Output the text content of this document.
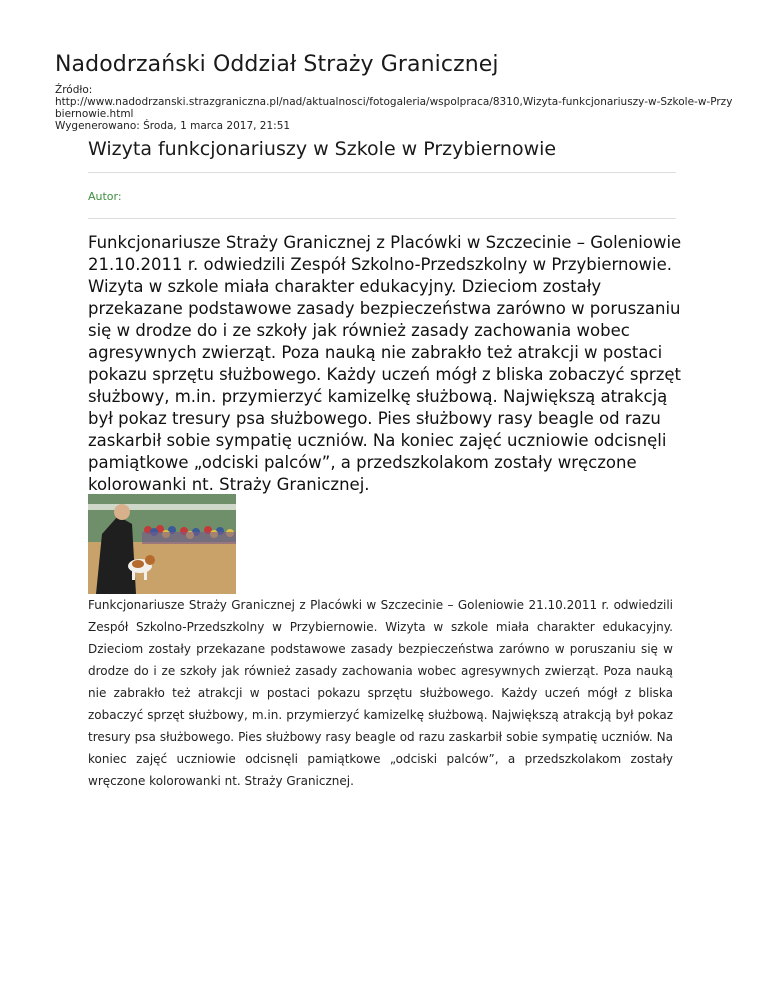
Nadodrzański Oddział Straży Granicznej
Źródło:
http://www.nadodrzanski.strazgraniczna.pl/nad/aktualnosci/fotogaleria/wspolpraca/8310,Wizyta-funkcjonariuszy-w-Szkole-w-Przybiernowie.html
Wygenerowano: Środa, 1 marca 2017, 21:51
Wizyta funkcjonariuszy w Szkole w Przybiernowie
Autor:

Funkcjonariusze Straży Granicznej z Placówki w Szczecinie – Goleniowie 21.10.2011 r. odwiedzili Zespół Szkolno-Przedszkolny w Przybiernowie. Wizyta w szkole miała charakter edukacyjny. Dzieciom zostały przekazane podstawowe zasady bezpieczeństwa zarówno w poruszaniu się w drodze do i ze szkoły jak również zasady zachowania wobec agresywnych zwierząt. Poza nauką nie zabrakło też atrakcji w postaci pokazu sprzętu służbowego. Każdy uczeń mógł z bliska zobaczyć sprzęt służbowy, m.in. przymierzyć kamizelkę służbową. Największą atrakcją był pokaz tresury psa służbowego. Pies służbowy rasy beagle od razu zaskarbił sobie sympatię uczniów. Na koniec zajęć uczniowie odcisnęli pamiątkowe „odciski palców”, a przedszkolakom zostały wręczone kolorowanki nt. Straży Granicznej.

Funkcjonariusze Straży Granicznej z Placówki w Szczecinie – Goleniowie 21.10.2011 r. odwiedzili Zespół Szkolno-Przedszkolny w Przybiernowie. Wizyta w szkole miała charakter edukacyjny. Dzieciom zostały przekazane podstawowe zasady bezpieczeństwa zarówno w poruszaniu się w drodze do i ze szkoły jak również zasady zachowania wobec agresywnych zwierząt. Poza nauką nie zabrakło też atrakcji w postaci pokazu sprzętu służbowego. Każdy uczeń mógł z bliska zobaczyć sprzęt służbowy, m.in. przymierzyć kamizelkę służbową. Największą atrakcją był pokaz tresury psa służbowego. Pies służbowy rasy beagle od razu zaskarbił sobie sympatię uczniów. Na koniec zajęć uczniowie odcisnęli pamiątkowe „odciski palców”, a przedszkolakom zostały wręczone kolorowanki nt. Straży Granicznej.
